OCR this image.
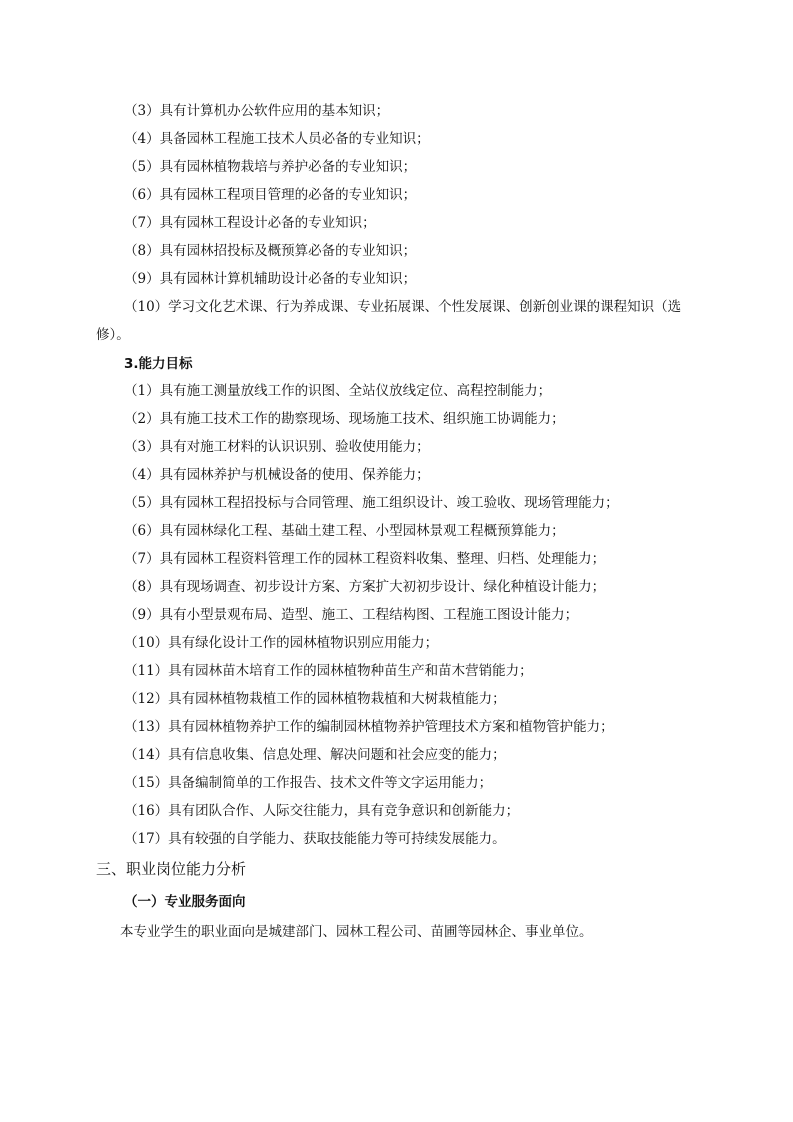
（3）具有计算机办公软件应用的基本知识；
（4）具备园林工程施工技术人员必备的专业知识；
（5）具有园林植物栽培与养护必备的专业知识；
（6）具有园林工程项目管理的必备的专业知识；
（7）具有园林工程设计必备的专业知识；
（8）具有园林招投标及概预算必备的专业知识；
（9）具有园林计算机辅助设计必备的专业知识；
（10）学习文化艺术课、行为养成课、专业拓展课、个性发展课、创新创业课的课程知识（选
修）。
3.能力目标
（1）具有施工测量放线工作的识图、全站仪放线定位、高程控制能力；
（2）具有施工技术工作的勘察现场、现场施工技术、组织施工协调能力；
（3）具有对施工材料的认识识别、验收使用能力；
（4）具有园林养护与机械设备的使用、保养能力；
（5）具有园林工程招投标与合同管理、施工组织设计、竣工验收、现场管理能力；
（6）具有园林绿化工程、基础土建工程、小型园林景观工程概预算能力；
（7）具有园林工程资料管理工作的园林工程资料收集、整理、归档、处理能力；
（8）具有现场调查、初步设计方案、方案扩大初初步设计、绿化种植设计能力；
（9）具有小型景观布局、造型、施工、工程结构图、工程施工图设计能力；
（10）具有绿化设计工作的园林植物识别应用能力；
（11）具有园林苗木培育工作的园林植物种苗生产和苗木营销能力；
（12）具有园林植物栽植工作的园林植物栽植和大树栽植能力；
（13）具有园林植物养护工作的编制园林植物养护管理技术方案和植物管护能力；
（14）具有信息收集、信息处理、解决问题和社会应变的能力；
（15）具备编制简单的工作报告、技术文件等文字运用能力；
（16）具有团队合作、人际交往能力，具有竞争意识和创新能力；
（17）具有较强的自学能力、获取技能能力等可持续发展能力。
三、职业岗位能力分析
（一）专业服务面向
本专业学生的职业面向是城建部门、园林工程公司、苗圃等园林企、事业单位。
